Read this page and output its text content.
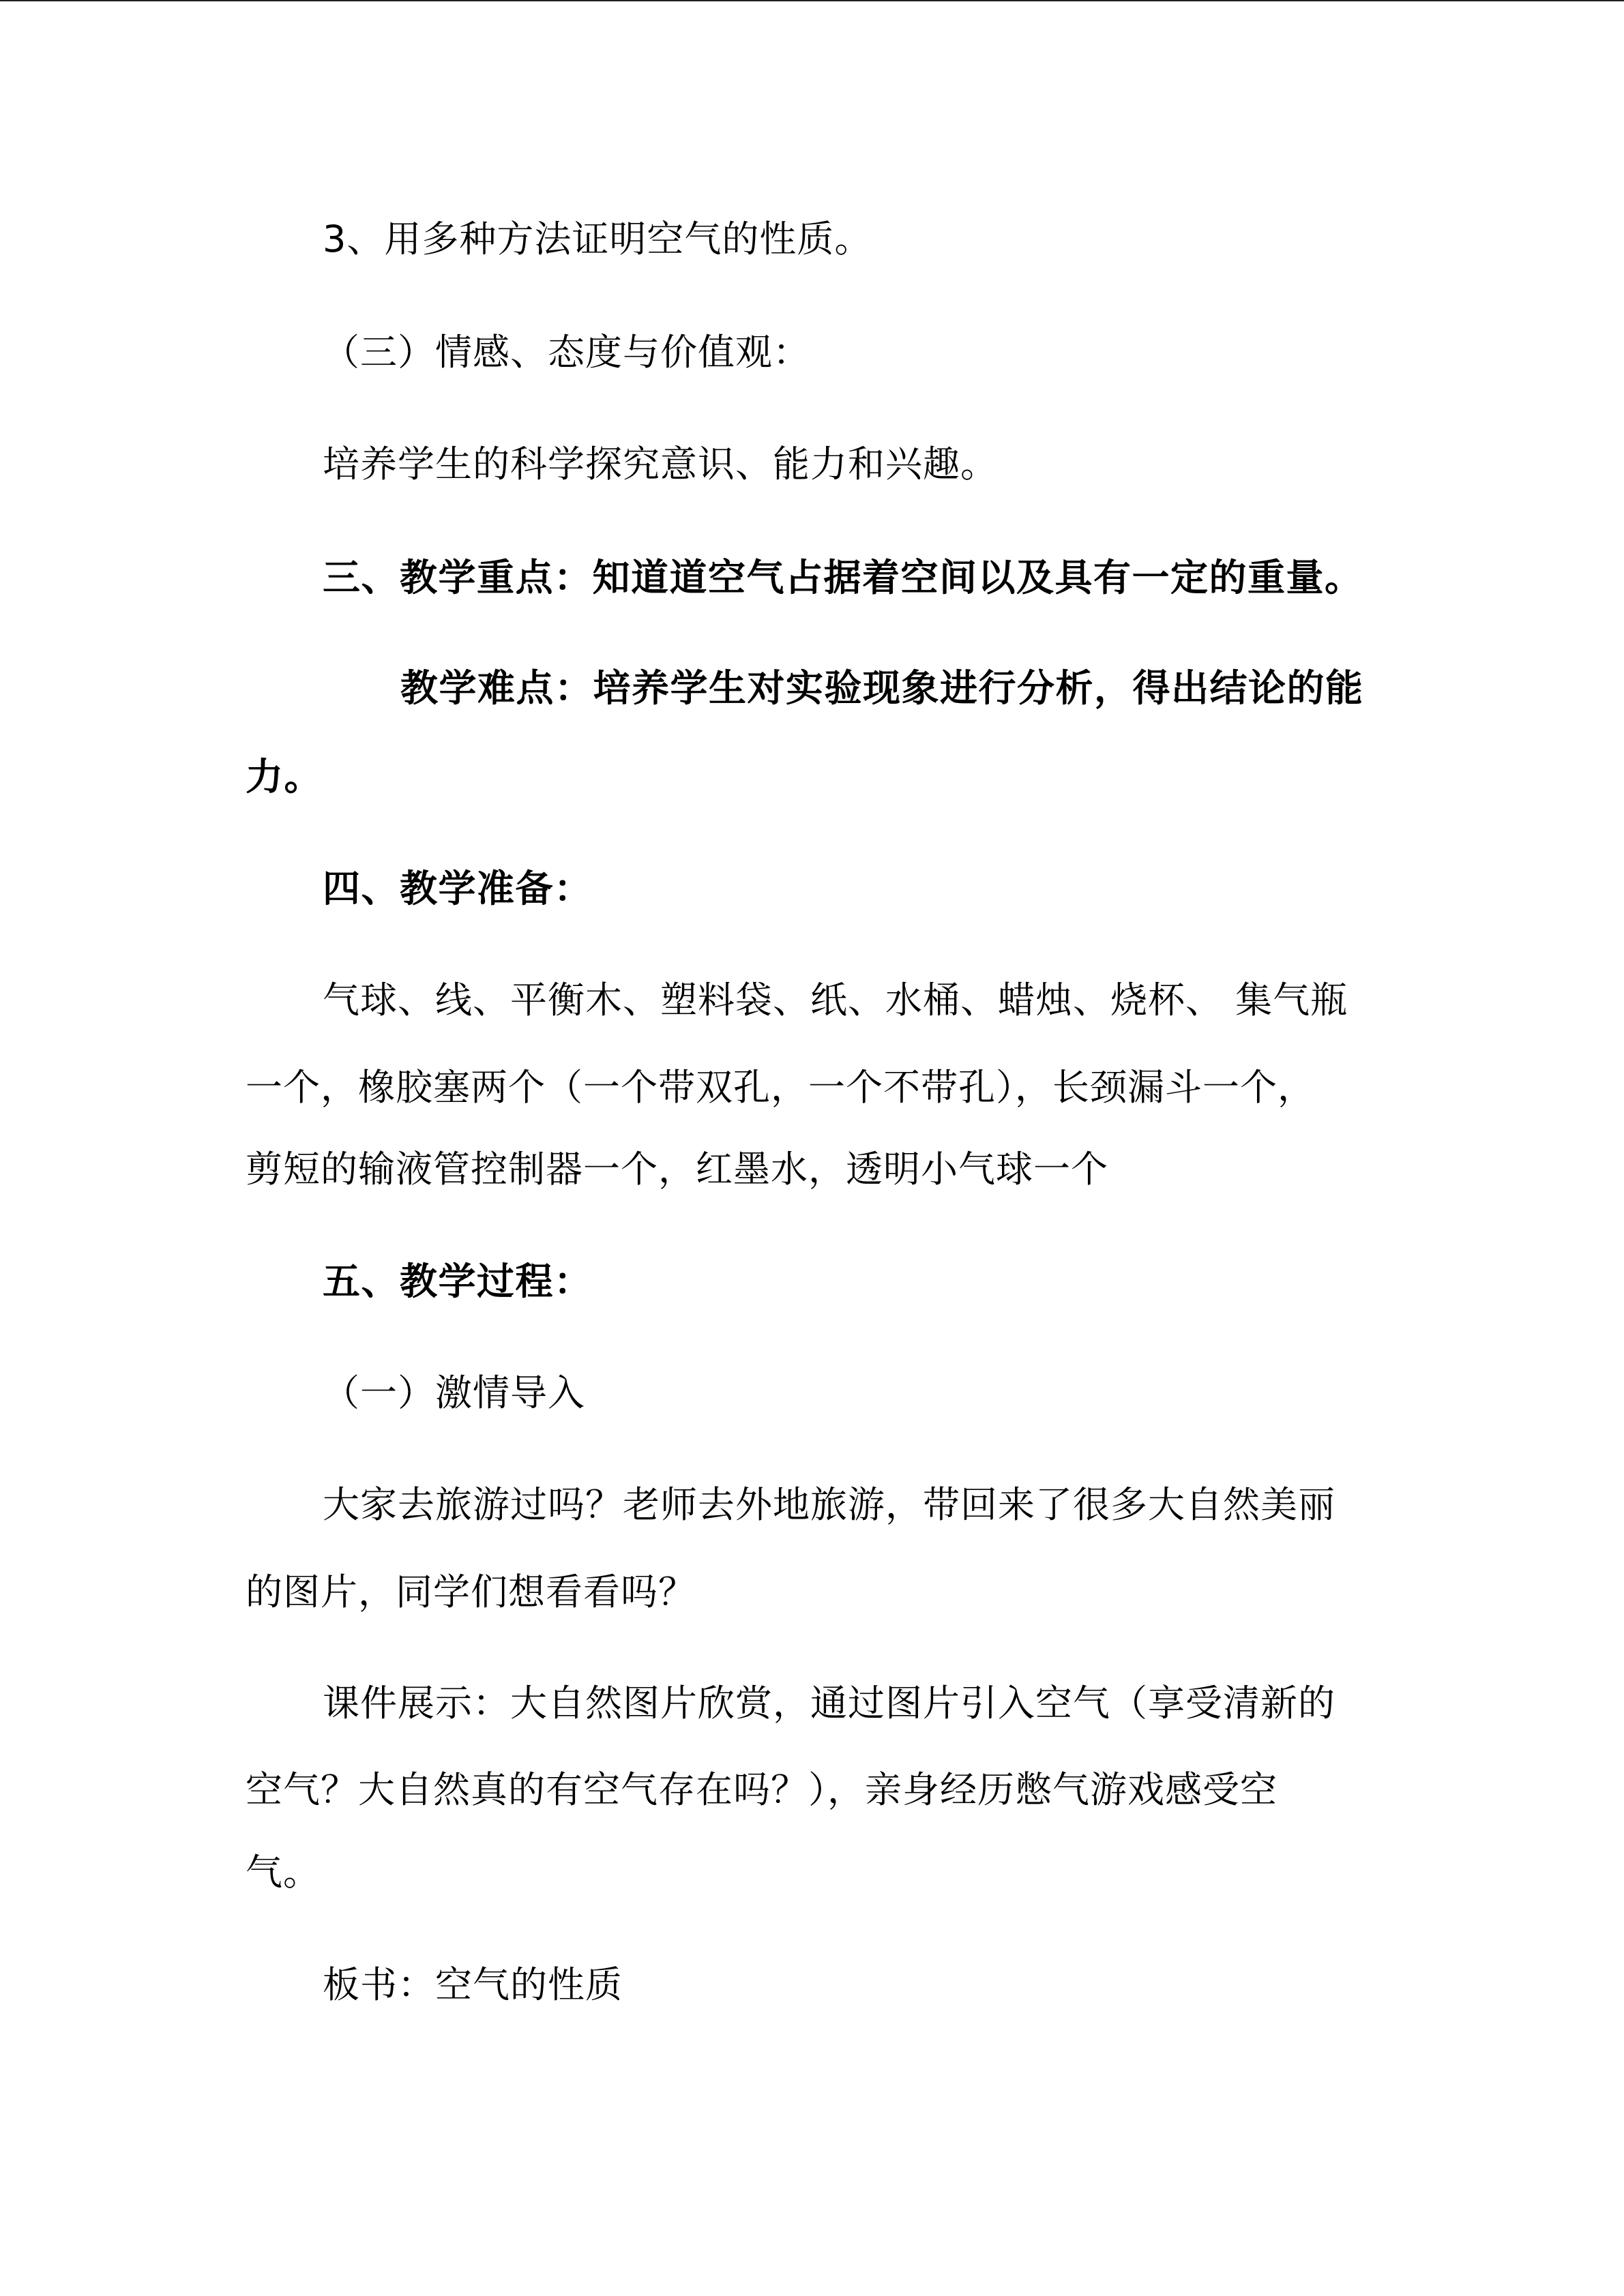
3、用多种方法证明空气的性质。
（三）情感、态度与价值观：
培养学生的科学探究意识、能力和兴趣。
三、教学重点：知道道空气占据着空间以及具有一定的重量。
教学难点：培养学生对实验现象进行分析，得出结论的能
力。
四、教学准备：
气球、线、平衡木、塑料袋、纸、水桶、蜡烛、烧杯、 集气瓶
一个，橡胶塞两个（一个带双孔，一个不带孔），长颈漏斗一个，
剪短的输液管控制器一个，红墨水，透明小气球一个
五、教学过程：
（一）激情导入
大家去旅游过吗？老师去外地旅游，带回来了很多大自然美丽
的图片，同学们想看看吗？
课件展示：大自然图片欣赏，通过图片引入空气（享受清新的
空气？大自然真的有空气存在吗？），亲身经历憋气游戏感受空
气。
板书：空气的性质
